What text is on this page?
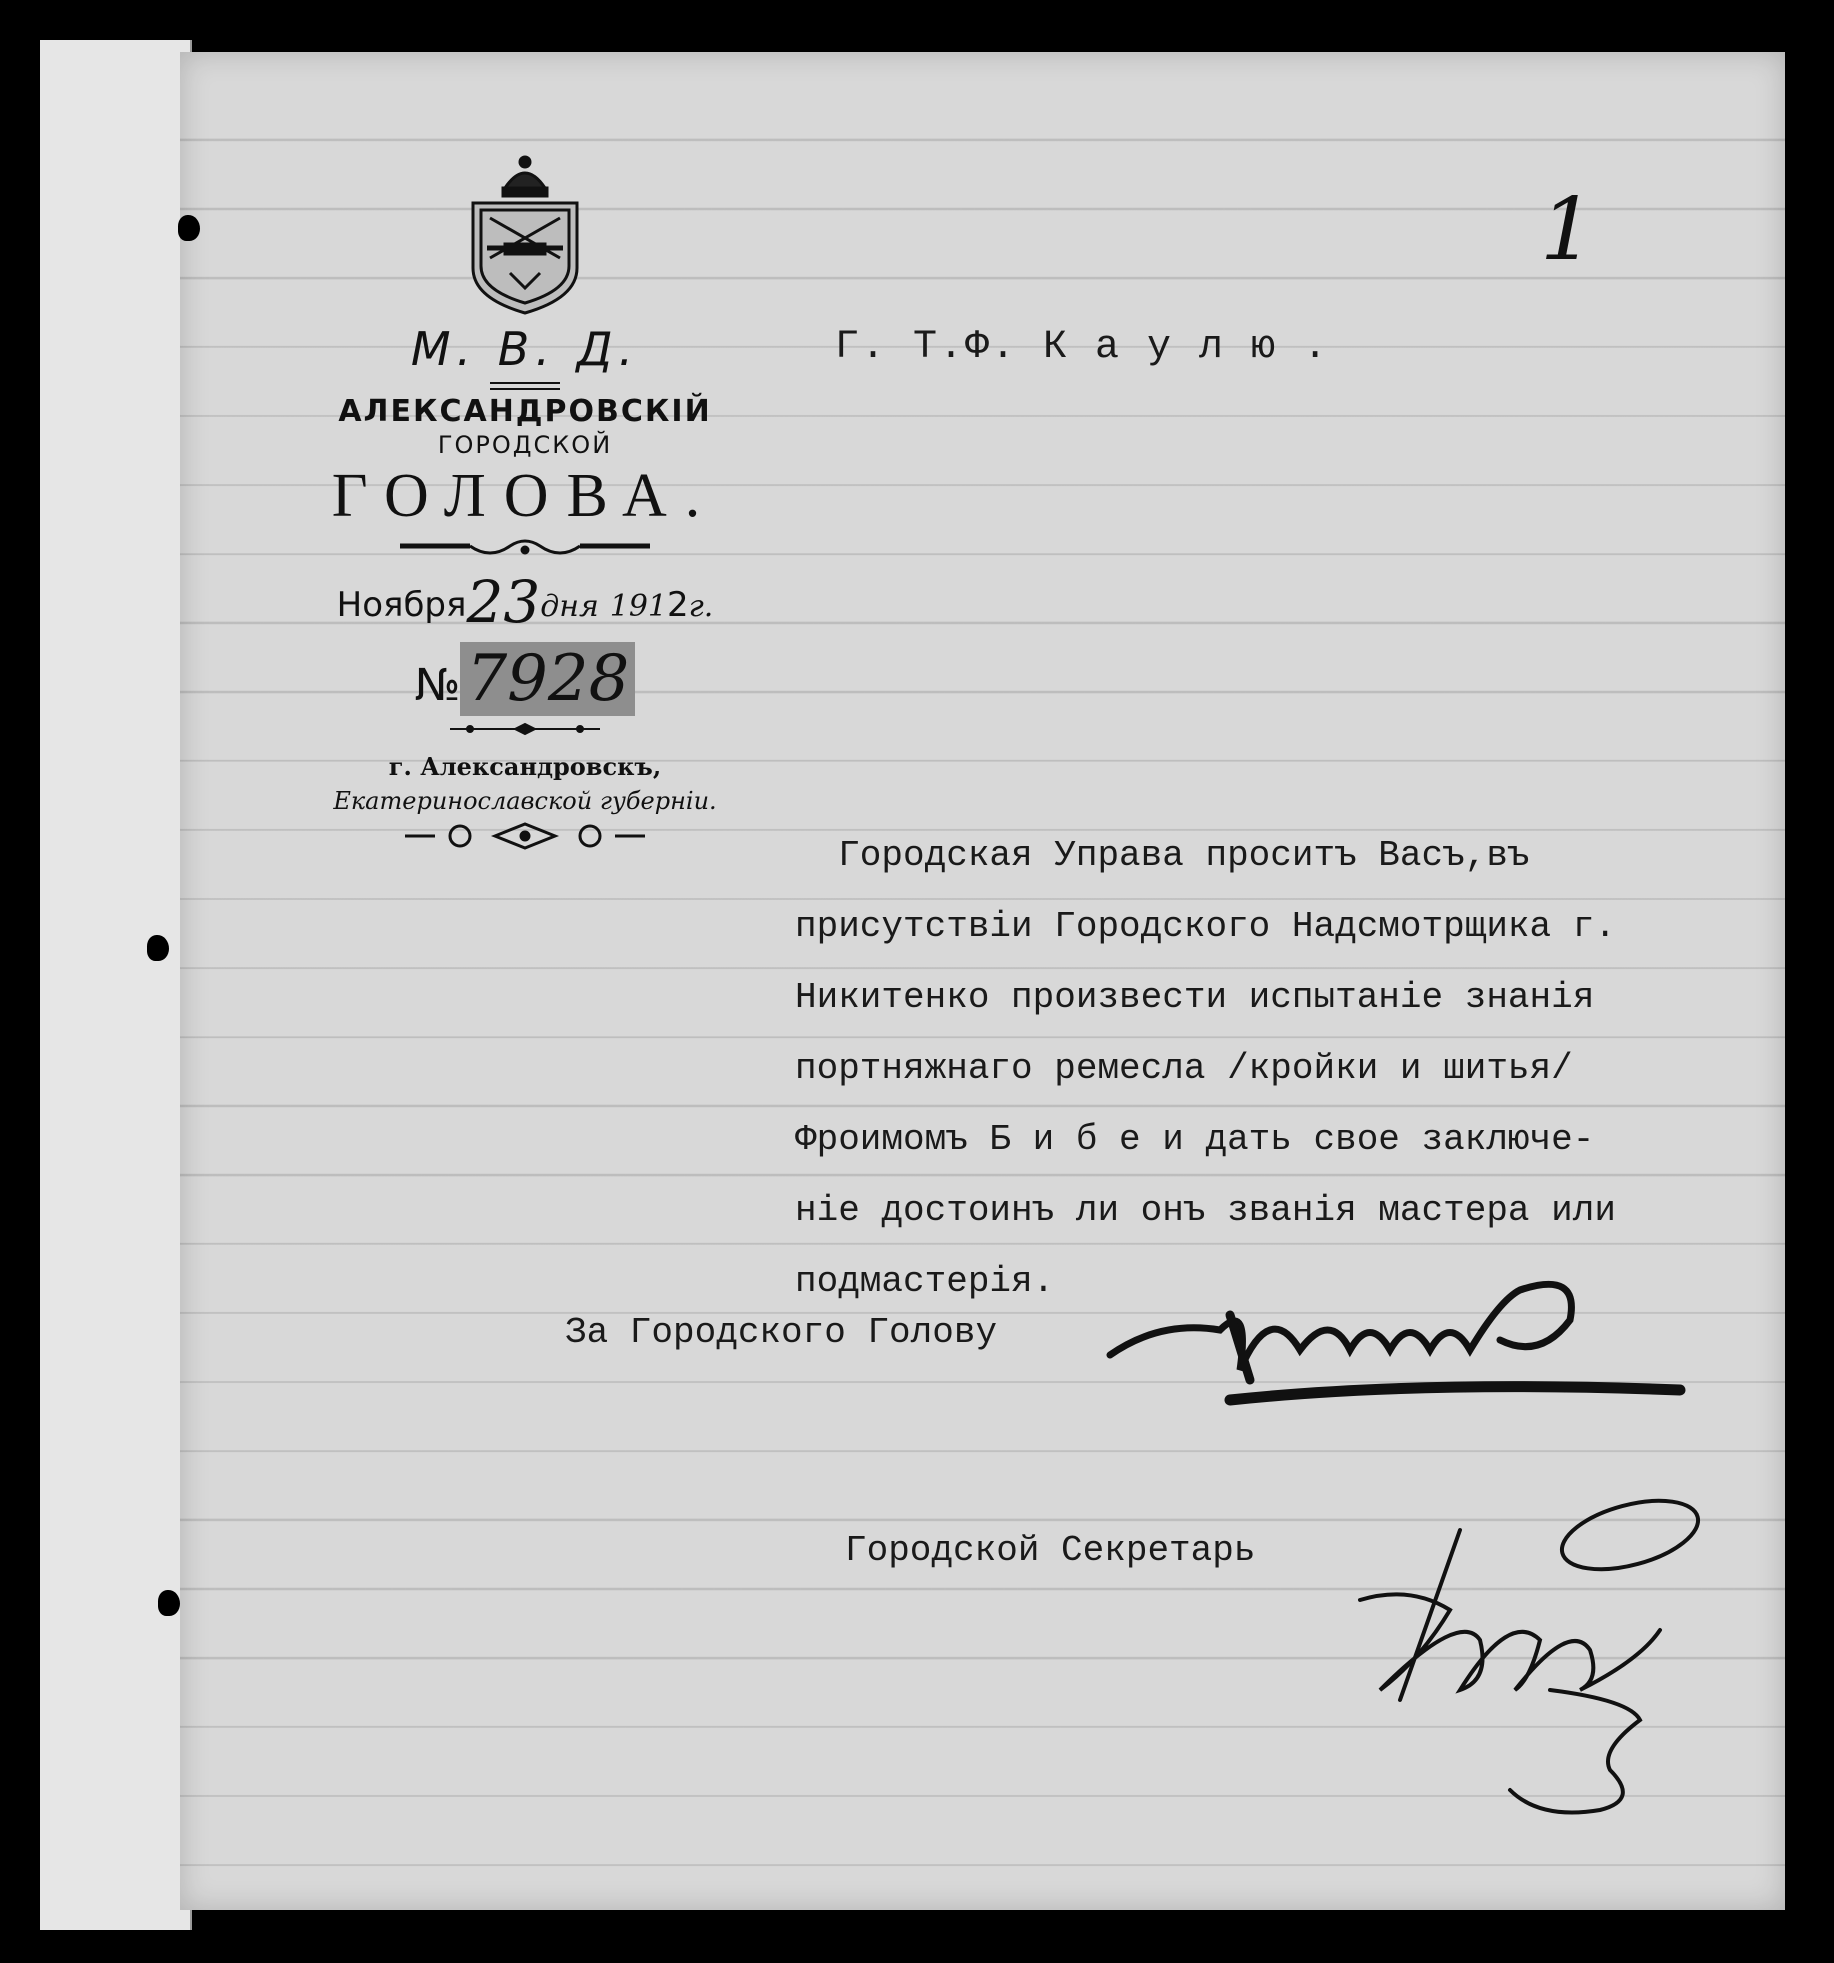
1
М. В. Д.
АЛЕКСАНДРОВСКІЙ
ГОРОДСКОЙ
ГОЛОВА.
Ноября23дня 1912г.
№7928
г. Александровскъ,
Екатеринославской губерніи.
Г. Т.Ф. К а у л ю .
Городская Управа проситъ Васъ,въ
присутствіи Городского Надсмотрщика г.
Никитенко произвести испытаніе знанія
портняжнаго ремесла /кройки и шитья/
Фроимомъ Б и б е и дать свое заключе-
ніе достоинъ ли онъ званія мастера или
подмастерія.
За Городского Голову
Городской Секретарь
